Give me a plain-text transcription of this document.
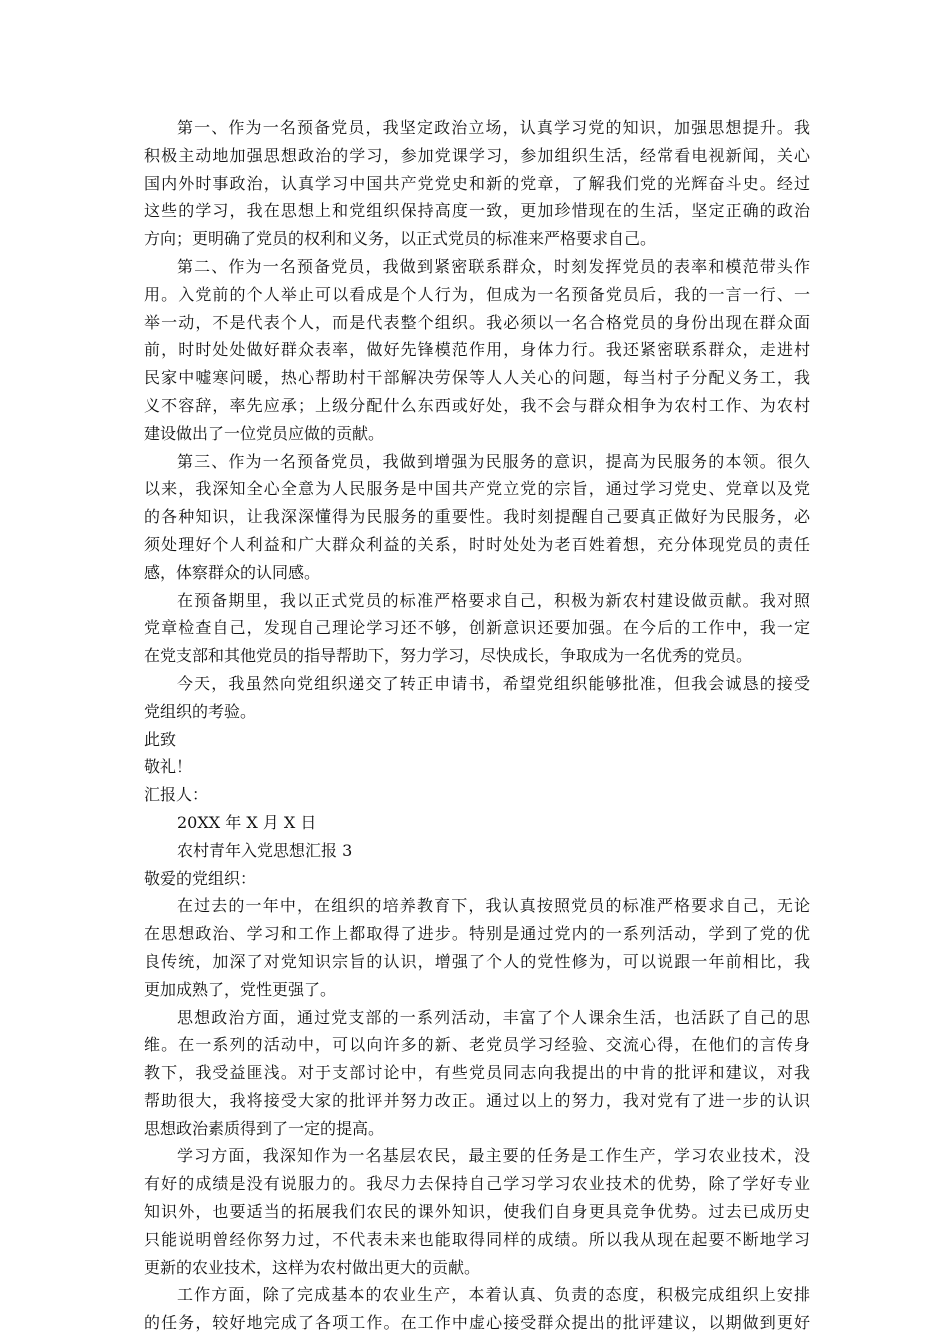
第一、作为一名预备党员，我坚定政治立场，认真学习党的知识，加强思想提升。我
积极主动地加强思想政治的学习，参加党课学习，参加组织生活，经常看电视新闻，关心
国内外时事政治，认真学习中国共产党党史和新的党章，了解我们党的光辉奋斗史。经过
这些的学习，我在思想上和党组织保持高度一致，更加珍惜现在的生活，坚定正确的政治
方向；更明确了党员的权利和义务，以正式党员的标准来严格要求自己。
第二、作为一名预备党员，我做到紧密联系群众，时刻发挥党员的表率和模范带头作
用。入党前的个人举止可以看成是个人行为，但成为一名预备党员后，我的一言一行、一
举一动，不是代表个人，而是代表整个组织。我必须以一名合格党员的身份出现在群众面
前，时时处处做好群众表率，做好先锋模范作用，身体力行。我还紧密联系群众，走进村
民家中嘘寒问暖，热心帮助村干部解决劳保等人人关心的问题，每当村子分配义务工，我
义不容辞，率先应承；上级分配什么东西或好处，我不会与群众相争为农村工作、为农村
建设做出了一位党员应做的贡献。
第三、作为一名预备党员，我做到增强为民服务的意识，提高为民服务的本领。很久
以来，我深知全心全意为人民服务是中国共产党立党的宗旨，通过学习党史、党章以及党
的各种知识，让我深深懂得为民服务的重要性。我时刻提醒自己要真正做好为民服务，必
须处理好个人利益和广大群众利益的关系，时时处处为老百姓着想，充分体现党员的责任
感，体察群众的认同感。
在预备期里，我以正式党员的标准严格要求自己，积极为新农村建设做贡献。我对照
党章检查自己，发现自己理论学习还不够，创新意识还要加强。在今后的工作中，我一定
在党支部和其他党员的指导帮助下，努力学习，尽快成长，争取成为一名优秀的党员。
今天，我虽然向党组织递交了转正申请书，希望党组织能够批准，但我会诚恳的接受
党组织的考验。
此致
敬礼！
汇报人：
20XX 年 X 月 X 日
农村青年入党思想汇报 3
敬爱的党组织：
在过去的一年中，在组织的培养教育下，我认真按照党员的标准严格要求自己，无论
在思想政治、学习和工作上都取得了进步。特别是通过党内的一系列活动，学到了党的优
良传统，加深了对党知识宗旨的认识，增强了个人的党性修为，可以说跟一年前相比，我
更加成熟了，党性更强了。
思想政治方面，通过党支部的一系列活动，丰富了个人课余生活，也活跃了自己的思
维。在一系列的活动中，可以向许多的新、老党员学习经验、交流心得，在他们的言传身
教下，我受益匪浅。对于支部讨论中，有些党员同志向我提出的中肯的批评和建议，对我
帮助很大，我将接受大家的批评并努力改正。通过以上的努力，我对党有了进一步的认识
思想政治素质得到了一定的提高。
学习方面，我深知作为一名基层农民，最主要的任务是工作生产，学习农业技术，没
有好的成绩是没有说服力的。我尽力去保持自己学习学习农业技术的优势，除了学好专业
知识外，也要适当的拓展我们农民的课外知识，使我们自身更具竞争优势。过去已成历史
只能说明曾经你努力过，不代表未来也能取得同样的成绩。所以我从现在起要不断地学习
更新的农业技术，这样为农村做出更大的贡献。
工作方面，除了完成基本的农业生产，本着认真、负责的态度，积极完成组织上安排
的任务，较好地完成了各项工作。在工作中虚心接受群众提出的批评建议，以期做到更好
